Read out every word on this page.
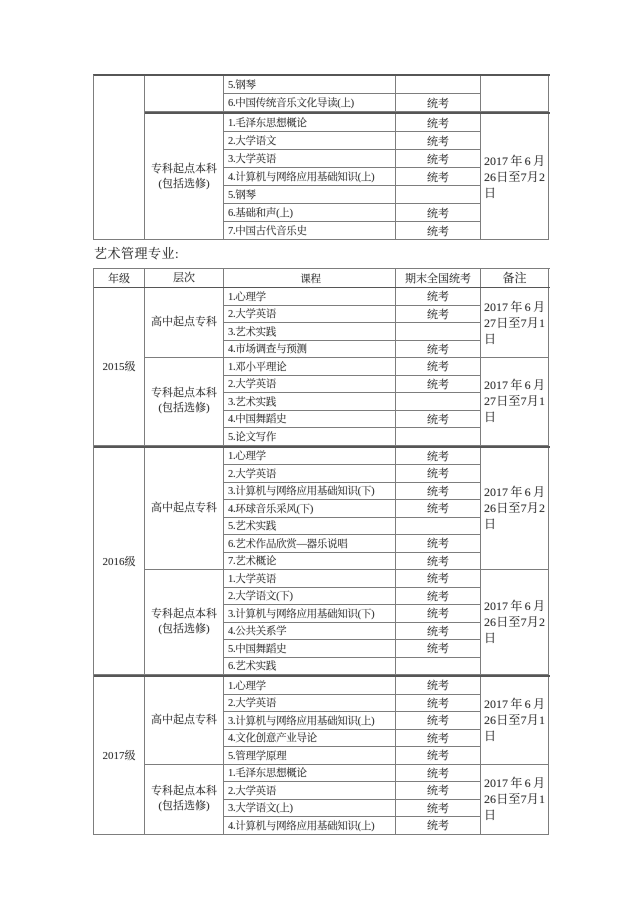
5.钢琴
6.中国传统音乐文化导读(上)	统考
专科起点本科(包括选修)
1.毛泽东思想概论	统考
2.大学语文	统考
3.大学英语	统考
4.计算机与网络应用基础知识(上)	统考
5.钢琴
6.基础和声(上)	统考
7.中国古代音乐史	统考
2017年6月26日至7月2日
艺术管理专业:
年级	层次	课程	期末全国统考	备注
2015级
高中起点专科
1.心理学	统考
2.大学英语	统考
3.艺术实践
4.市场调查与预测	统考
2017年6月27日至7月1日
专科起点本科(包括选修)
1.邓小平理论	统考
2.大学英语	统考
3.艺术实践
4.中国舞蹈史	统考
5.论文写作
2017年6月27日至7月1日
2016级
高中起点专科
1.心理学	统考
2.大学英语	统考
3.计算机与网络应用基础知识(下)	统考
4.环球音乐采风(下)	统考
5.艺术实践
6.艺术作品欣赏—器乐说唱	统考
7.艺术概论	统考
2017年6月26日至7月2日
专科起点本科(包括选修)
1.大学英语	统考
2.大学语文(下)	统考
3.计算机与网络应用基础知识(下)	统考
4.公共关系学	统考
5.中国舞蹈史	统考
6.艺术实践
2017年6月26日至7月2日
2017级
高中起点专科
1.心理学	统考
2.大学英语	统考
3.计算机与网络应用基础知识(上)	统考
4.文化创意产业导论	统考
5.管理学原理	统考
2017年6月26日至7月1日
专科起点本科(包括选修)
1.毛泽东思想概论	统考
2.大学英语	统考
3.大学语文(上)	统考
4.计算机与网络应用基础知识(上)	统考
2017年6月26日至7月1日
